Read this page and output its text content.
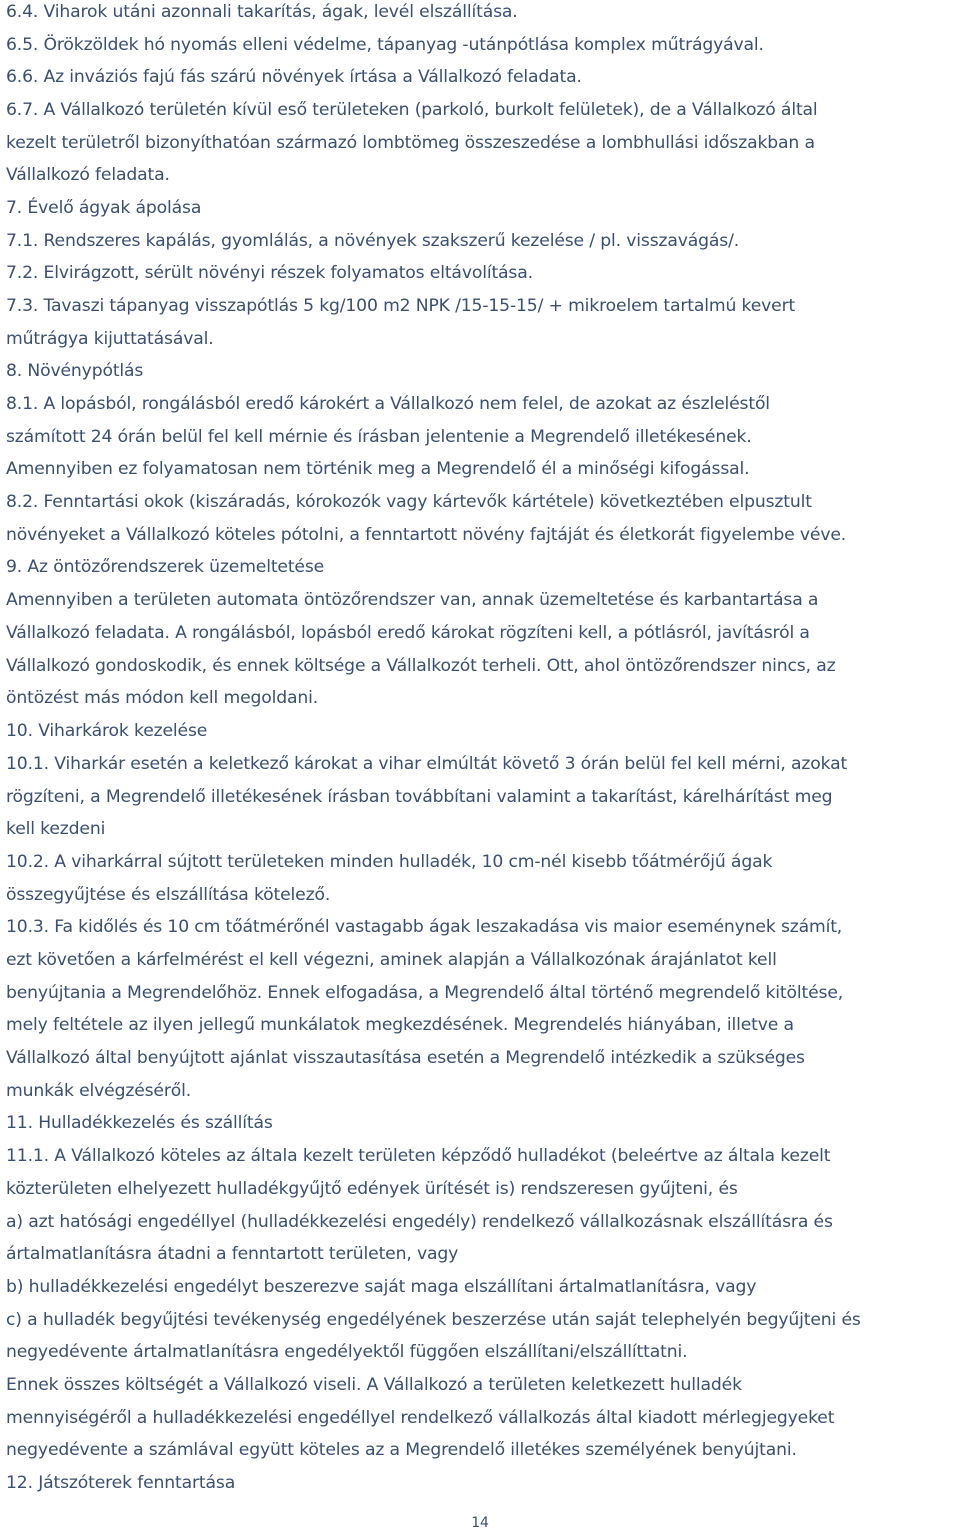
6.4. Viharok utáni azonnali takarítás, ágak, levél elszállítása.
6.5. Örökzöldek hó nyomás elleni védelme, tápanyag -utánpótlása komplex műtrágyával.
6.6. Az inváziós fajú fás szárú növények írtása a Vállalkozó feladata.
6.7. A Vállalkozó területén kívül eső területeken (parkoló, burkolt felületek), de a Vállalkozó által
kezelt területről bizonyíthatóan származó lombtömeg összeszedése a lombhullási időszakban a
Vállalkozó feladata.
7. Évelő ágyak ápolása
7.1. Rendszeres kapálás, gyomlálás, a növények szakszerű kezelése / pl. visszavágás/.
7.2. Elvirágzott, sérült növényi részek folyamatos eltávolítása.
7.3. Tavaszi tápanyag visszapótlás 5 kg/100 m2 NPK /15-15-15/ + mikroelem tartalmú kevert
műtrágya kijuttatásával.
8. Növénypótlás
8.1. A lopásból, rongálásból eredő károkért a Vállalkozó nem felel, de azokat az észleléstől
számított 24 órán belül fel kell mérnie és írásban jelentenie a Megrendelő illetékesének.
Amennyiben ez folyamatosan nem történik meg a Megrendelő él a minőségi kifogással.
8.2. Fenntartási okok (kiszáradás, kórokozók vagy kártevők kártétele) következtében elpusztult
növényeket a Vállalkozó köteles pótolni, a fenntartott növény fajtáját és életkorát figyelembe véve.
9. Az öntözőrendszerek üzemeltetése
Amennyiben a területen automata öntözőrendszer van, annak üzemeltetése és karbantartása a
Vállalkozó feladata. A rongálásból, lopásból eredő károkat rögzíteni kell, a pótlásról, javításról a
Vállalkozó gondoskodik, és ennek költsége a Vállalkozót terheli. Ott, ahol öntözőrendszer nincs, az
öntözést más módon kell megoldani.
10. Viharkárok kezelése
10.1. Viharkár esetén a keletkező károkat a vihar elmúltát követő 3 órán belül fel kell mérni, azokat
rögzíteni, a Megrendelő illetékesének írásban továbbítani valamint a takarítást, kárelhárítást meg
kell kezdeni
10.2. A viharkárral sújtott területeken minden hulladék, 10 cm-nél kisebb tőátmérőjű ágak
összegyűjtése és elszállítása kötelező.
10.3. Fa kidőlés és 10 cm tőátmérőnél vastagabb ágak leszakadása vis maior eseménynek számít,
ezt követően a kárfelmérést el kell végezni, aminek alapján a Vállalkozónak árajánlatot kell
benyújtania a Megrendelőhöz. Ennek elfogadása, a Megrendelő által történő megrendelő kitöltése,
mely feltétele az ilyen jellegű munkálatok megkezdésének. Megrendelés hiányában, illetve a
Vállalkozó által benyújtott ajánlat visszautasítása esetén a Megrendelő intézkedik a szükséges
munkák elvégzéséről.
11. Hulladékkezelés és szállítás
11.1. A Vállalkozó köteles az általa kezelt területen képződő hulladékot (beleértve az általa kezelt
közterületen elhelyezett hulladékgyűjtő edények ürítését is) rendszeresen gyűjteni, és
a) azt hatósági engedéllyel (hulladékkezelési engedély) rendelkező vállalkozásnak elszállításra és
ártalmatlanításra átadni a fenntartott területen, vagy
b) hulladékkezelési engedélyt beszerezve saját maga elszállítani ártalmatlanításra, vagy
c) a hulladék begyűjtési tevékenység engedélyének beszerzése után saját telephelyén begyűjteni és
negyedévente ártalmatlanításra engedélyektől függően elszállítani/elszállíttatni.
Ennek összes költségét a Vállalkozó viseli. A Vállalkozó a területen keletkezett hulladék
mennyiségéről a hulladékkezelési engedéllyel rendelkező vállalkozás által kiadott mérlegjegyeket
negyedévente a számlával együtt köteles az a Megrendelő illetékes személyének benyújtani.
12. Játszóterek fenntartása
14
